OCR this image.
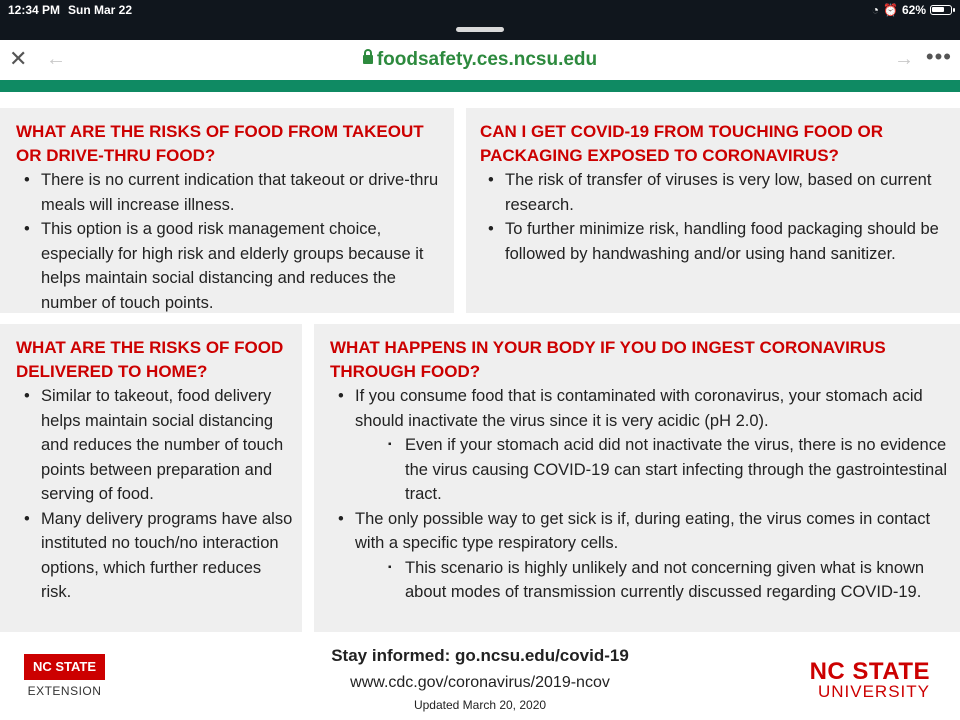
12:34 PM Sun Mar 22	◔ ⏰ 62%
✕ ←	foodsafety.ces.ncsu.edu	→ •••
WHAT ARE THE RISKS OF FOOD FROM TAKEOUT OR DRIVE-THRU FOOD?
• There is no current indication that takeout or drive-thru meals will increase illness.
• This option is a good risk management choice, especially for high risk and elderly groups because it helps maintain social distancing and reduces the number of touch points.
CAN I GET COVID-19 FROM TOUCHING FOOD OR PACKAGING EXPOSED TO CORONAVIRUS?
• The risk of transfer of viruses is very low, based on current research.
• To further minimize risk, handling food packaging should be followed by handwashing and/or using hand sanitizer.
WHAT ARE THE RISKS OF FOOD DELIVERED TO HOME?
• Similar to takeout, food delivery helps maintain social distancing and reduces the number of touch points between preparation and serving of food.
• Many delivery programs have also instituted no touch/no interaction options, which further reduces risk.
WHAT HAPPENS IN YOUR BODY IF YOU DO INGEST CORONAVIRUS THROUGH FOOD?
• If you consume food that is contaminated with coronavirus, your stomach acid should inactivate the virus since it is very acidic (pH 2.0).
▪ Even if your stomach acid did not inactivate the virus, there is no evidence the virus causing COVID-19 can start infecting through the gastrointestinal tract.
• The only possible way to get sick is if, during eating, the virus comes in contact with a specific type respiratory cells.
▪ This scenario is highly unlikely and not concerning given what is known about modes of transmission currently discussed regarding COVID-19.
NC STATE
EXTENSION
Stay informed: go.ncsu.edu/covid-19
www.cdc.gov/coronavirus/2019-ncov
Updated March 20, 2020
NC STATE
UNIVERSITY
